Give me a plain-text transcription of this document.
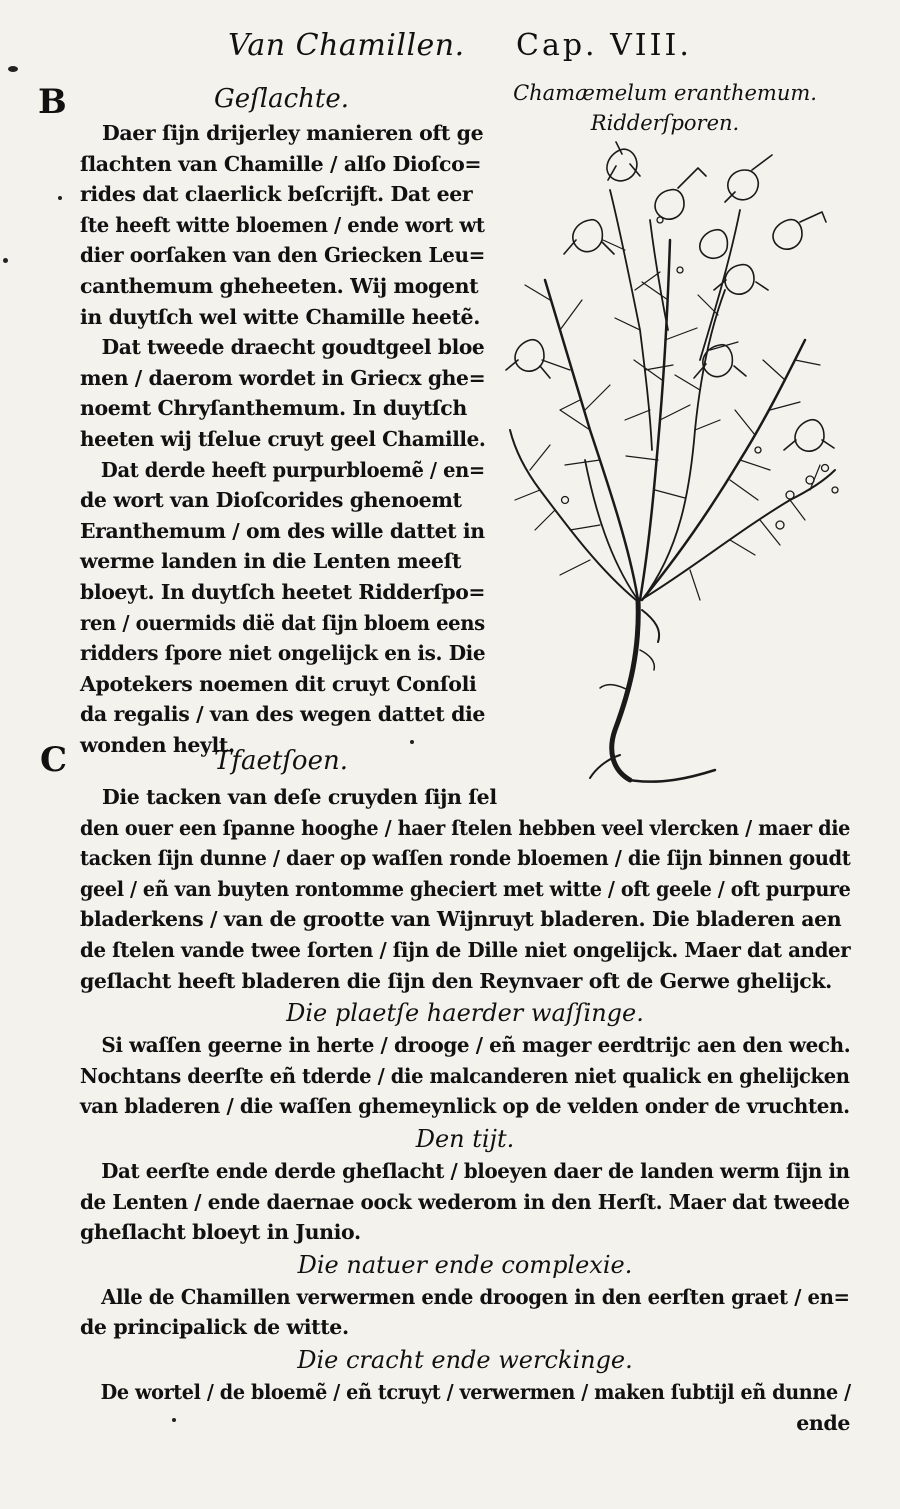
Van Chamillen. Cap. VIII.
B
C
Geſlachte.	Chamæmelum eranthemum.
Ridderſporen.
Daer ſijn drijerley manieren oft ge
ſlachten van Chamille / alſo Dioſco=
rides dat claerlick beſcrijft. Dat eer
ſte heeft witte bloemen / ende wort wt
dier oorſaken van den Griecken Leu=
canthemum gheheeten. Wij mogent
in duytſch wel witte Chamille heetẽ.
Dat tweede draecht goudtgeel bloe
men / daerom wordet in Griecx ghe=
noemt Chryſanthemum. In duytſch
heeten wij tſelue cruyt geel Chamille.
Dat derde heeft purpurbloemẽ / en=
de wort van Dioſcorides ghenoemt
Eranthemum / om des wille dattet in
werme landen in die Lenten meeſt
bloeyt. In duytſch heetet Ridderſpo=
ren / ouermids dië dat ſijn bloem eens
ridders ſpore niet ongelijck en is. Die
Apotekers noemen dit cruyt Conſoli
da regalis / van des wegen dattet die
wonden heylt.
Tfaetſoen.
Die tacken van deſe cruyden ſijn ſel
den ouer een ſpanne hooghe / haer ſtelen hebben veel vlercken / maer die
tacken ſijn dunne / daer op waſſen ronde bloemen / die ſijn binnen goudt
geel / eñ van buyten rontomme gheciert met witte / oft geele / oft purpure
bladerkens / van de grootte van Wijnruyt bladeren. Die bladeren aen
de ſtelen vande twee ſorten / ſijn de Dille niet ongelijck. Maer dat ander
geſlacht heeft bladeren die ſijn den Reynvaer oft de Gerwe ghelijck.
Die plaetſe haerder waſſinge.
Si waſſen geerne in herte / drooge / eñ mager eerdtrijc aen den wech.
Nochtans deerſte eñ tderde / die malcanderen niet qualick en ghelijcken
van bladeren / die waſſen ghemeynlick op de velden onder de vruchten.
Den tijt.
Dat eerſte ende derde gheſlacht / bloeyen daer de landen werm ſijn in
de Lenten / ende daernae oock wederom in den Herſt. Maer dat tweede
gheſlacht bloeyt in Junio.
Die natuer ende complexie.
Alle de Chamillen verwermen ende droogen in den eerſten graet / en=
de principalick de witte.
Die cracht ende werckinge.
De wortel / de bloemẽ / eñ tcruyt / verwermen / maken ſubtijl eñ dunne /
ende
